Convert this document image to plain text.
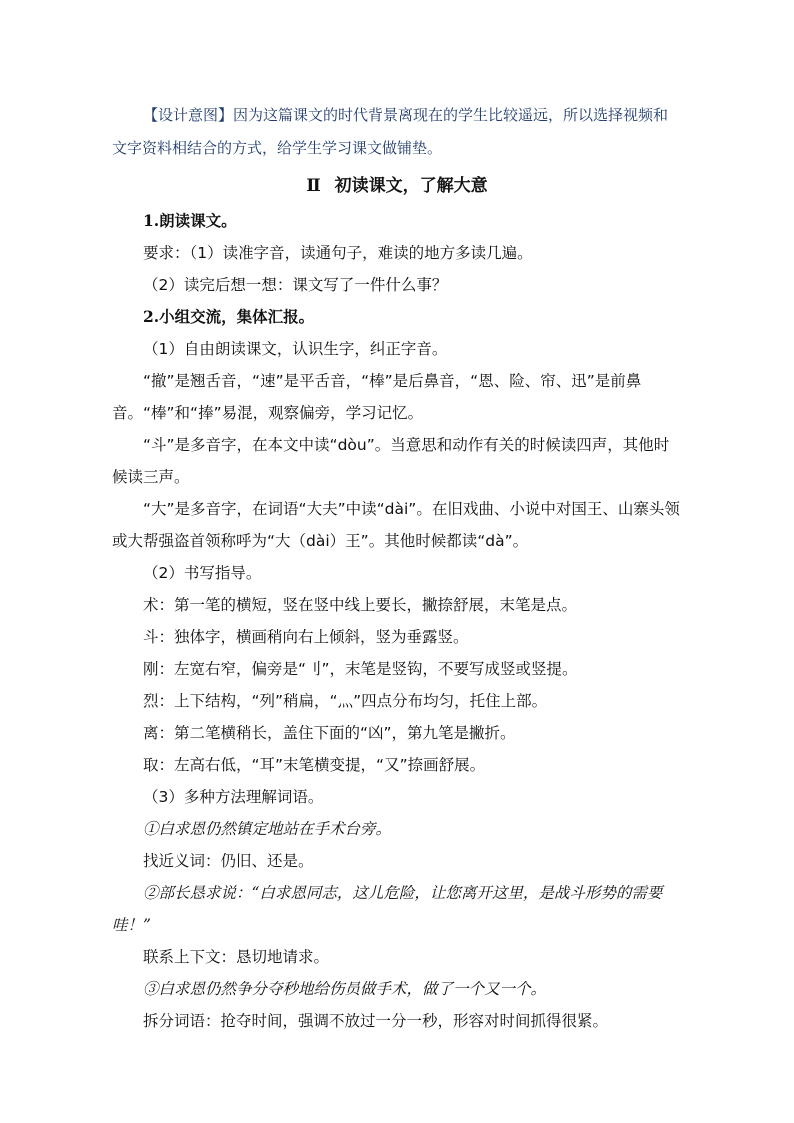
【设计意图】因为这篇课文的时代背景离现在的学生比较遥远，所以选择视频和文字资料相结合的方式，给学生学习课文做铺垫。

Ⅱ 初读课文，了解大意

1.朗读课文。

要求：（1）读准字音，读通句子，难读的地方多读几遍。

（2）读完后想一想：课文写了一件什么事？

2.小组交流，集体汇报。

（1）自由朗读课文，认识生字，纠正字音。

“撤”是翘舌音，“速”是平舌音，“棒”是后鼻音，“恩、险、帘、迅”是前鼻音。“棒”和“捧”易混，观察偏旁，学习记忆。

“斗”是多音字，在本文中读“dòu”。当意思和动作有关的时候读四声，其他时候读三声。

“大”是多音字，在词语“大夫”中读“dài”。在旧戏曲、小说中对国王、山寨头领或大帮强盗首领称呼为“大（dài）王”。其他时候都读“dà”。

（2）书写指导。

术：第一笔的横短，竖在竖中线上要长，撇捺舒展，末笔是点。

斗：独体字，横画稍向右上倾斜，竖为垂露竖。

刚：左宽右窄，偏旁是“刂”，末笔是竖钩，不要写成竖或竖提。

烈：上下结构，“列”稍扁，“灬”四点分布均匀，托住上部。

离：第二笔横稍长，盖住下面的“凶”，第九笔是撇折。

取：左高右低，“耳”末笔横变提，“又”捺画舒展。

（3）多种方法理解词语。

①白求恩仍然镇定地站在手术台旁。

找近义词：仍旧、还是。

②部长恳求说：“白求恩同志，这儿危险，让您离开这里，是战斗形势的需要哇！”

联系上下文：恳切地请求。

③白求恩仍然争分夺秒地给伤员做手术，做了一个又一个。

拆分词语：抢夺时间，强调不放过一分一秒，形容对时间抓得很紧。
